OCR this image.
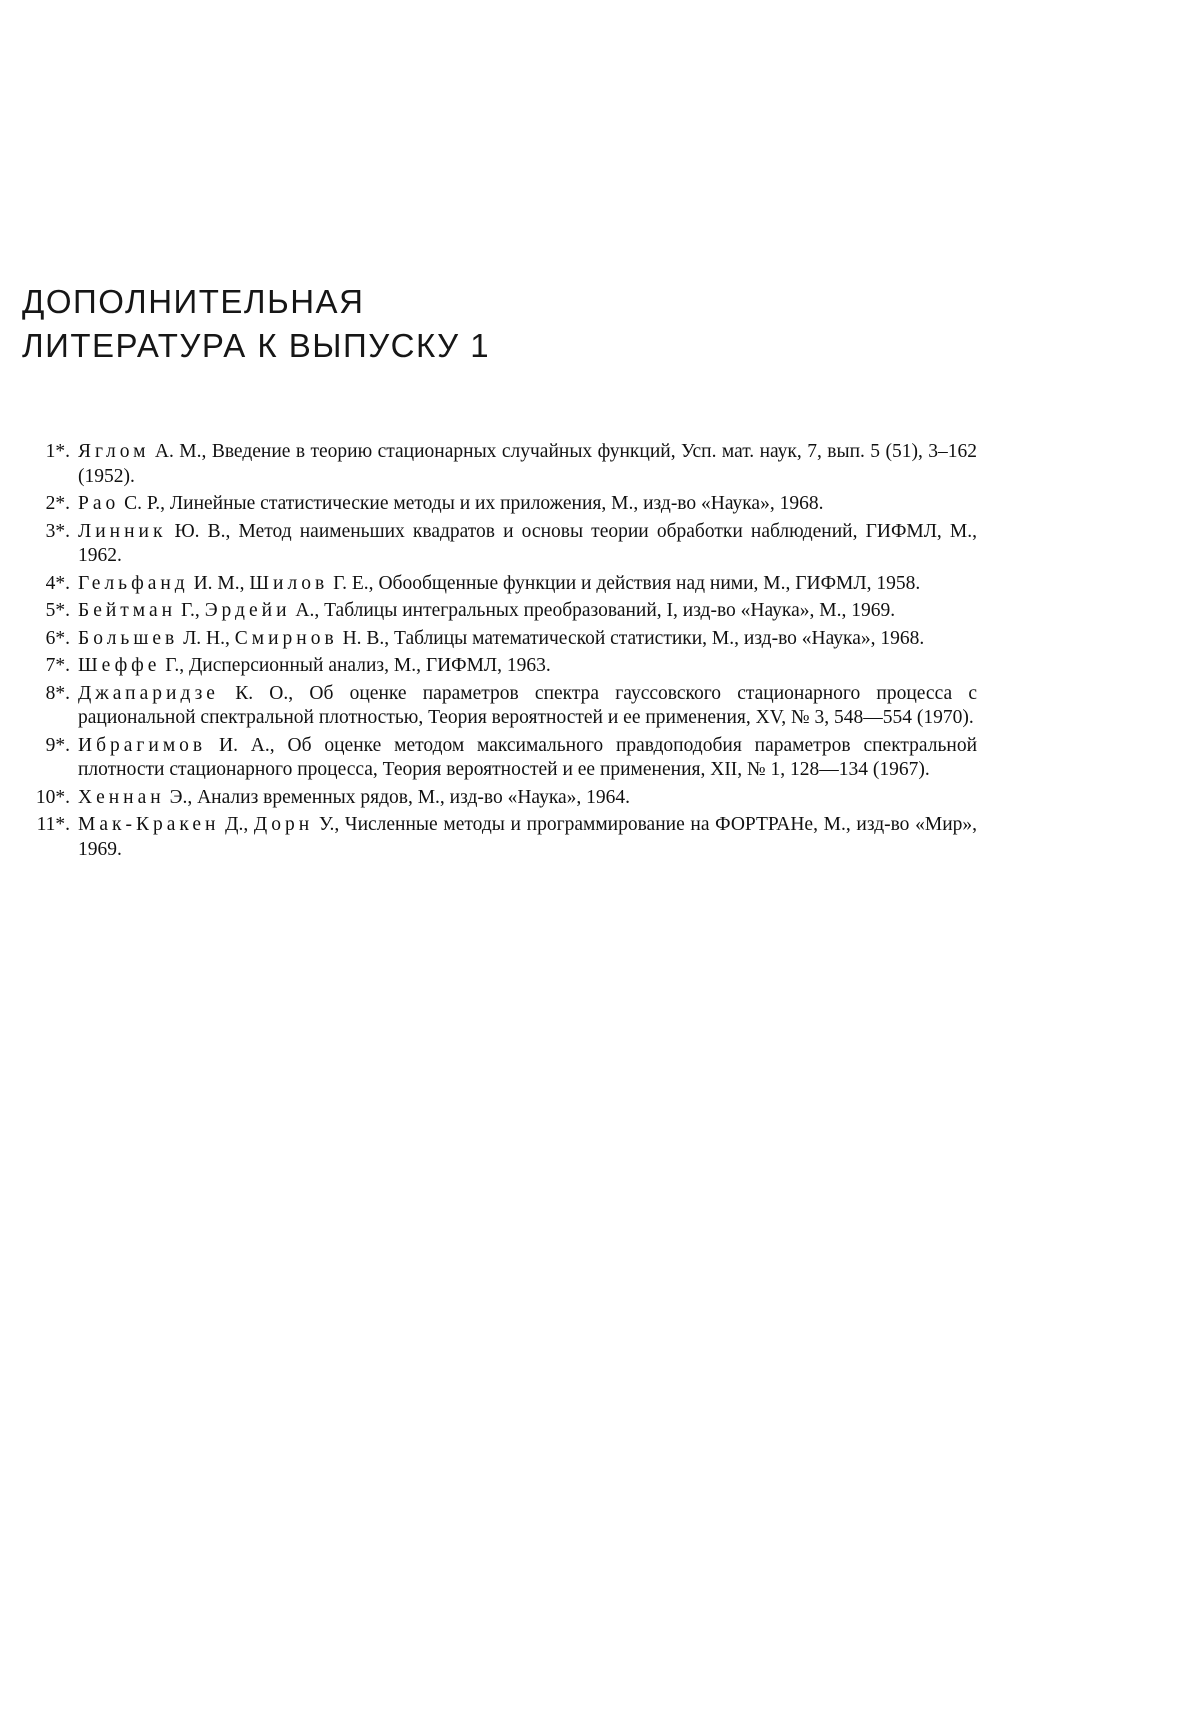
ДОПОЛНИТЕЛЬНАЯ
ЛИТЕРАТУРА К ВЫПУСКУ 1
1*. Яглом А. М., Введение в теорию стационарных случайных функций, Усп. мат. наук, 7, вып. 5 (51), 3–162 (1952).
2*. Рао С. Р., Линейные статистические методы и их приложения, М., изд-во «Наука», 1968.
3*. Линник Ю. В., Метод наименьших квадратов и основы теории обработки наблюдений, ГИФМЛ, М., 1962.
4*. Гельфанд И. М., Шилов Г. Е., Обообщенные функции и действия над ними, М., ГИФМЛ, 1958.
5*. Бейтман Г., Эрдейи А., Таблицы интегральных преобразований, I, изд-во «Наука», М., 1969.
6*. Большев Л. Н., Смирнов Н. В., Таблицы математической статистики, М., изд-во «Наука», 1968.
7*. Шеффе Г., Дисперсионный анализ, М., ГИФМЛ, 1963.
8*. Джапаридзе К. О., Об оценке параметров спектра гауссовского стационарного процесса с рациональной спектральной плотностью, Теория вероятностей и ее применения, XV, № 3, 548—554 (1970).
9*. Ибрагимов И. А., Об оценке методом максимального правдоподобия параметров спектральной плотности стационарного процесса, Теория вероятностей и ее применения, XII, № 1, 128—134 (1967).
10*. Хеннан Э., Анализ временных рядов, М., изд-во «Наука», 1964.
11*. Мак-Кракен Д., Дорн У., Численные методы и программирование на ФОРТРАНе, М., изд-во «Мир», 1969.
